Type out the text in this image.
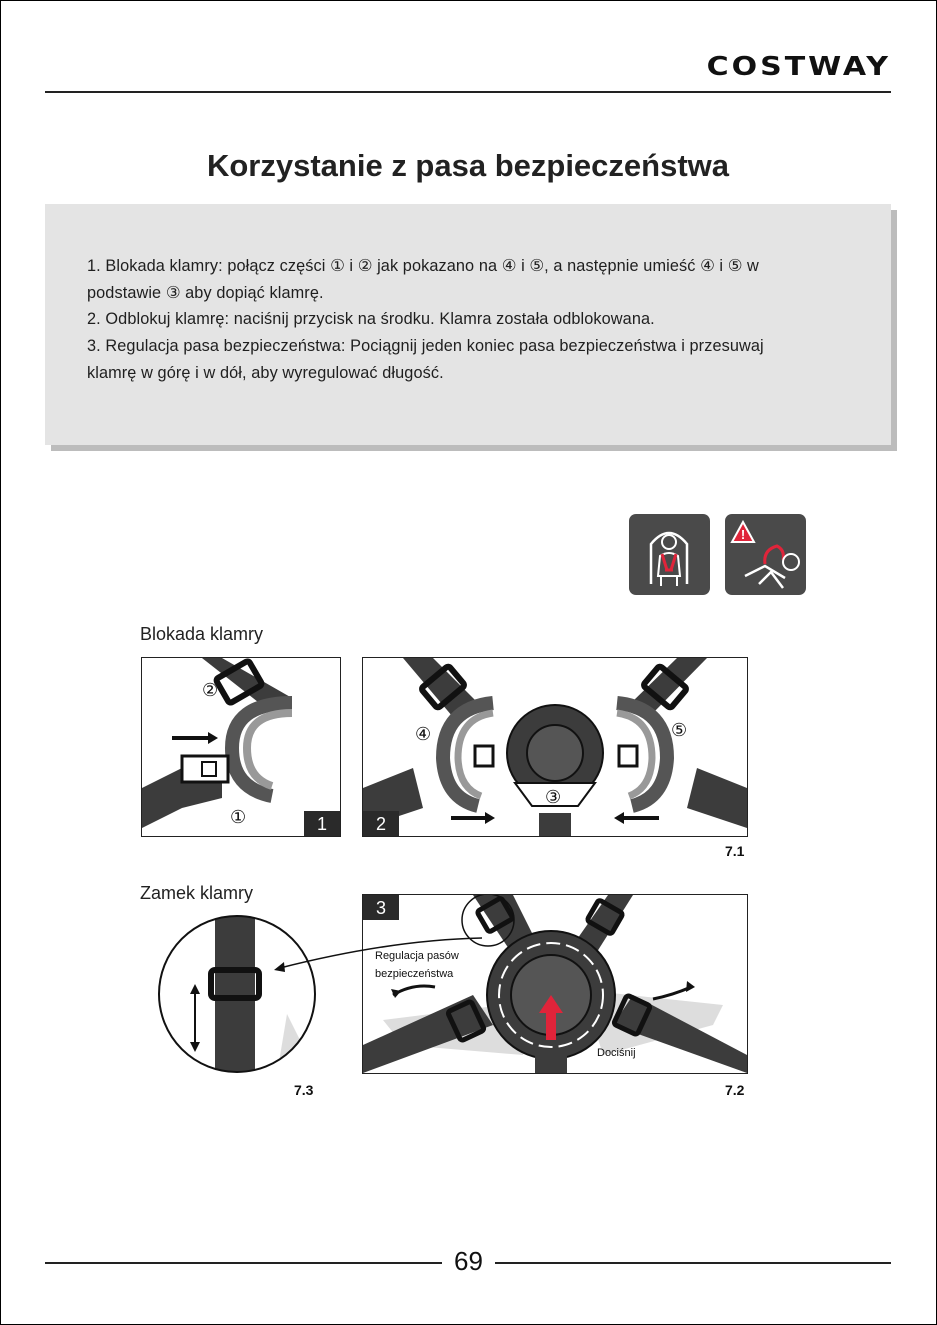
COSTWAY
Korzystanie z pasa bezpieczeństwa

1. Blokada klamry: połącz części ① i ② jak pokazano na ④ i ⑤, a następnie umieść ④ i ⑤ w

podstawie ③ aby dopiąć klamrę.

2. Odblokuj klamrę: naciśnij przycisk na środku. Klamra została odblokowana.

3. Regulacja pasa bezpieczeństwa: Pociągnij jeden koniec pasa bezpieczeństwa i przesuwaj

klamrę w górę i w dół, aby wyregulować długość.

!
Blokada klamry
②
①	1
④
③
⑤
2
7.1
Zamek klamry
7.3
Regulacja pasów
bezpieczeństwa
Dociśnij
3
7.2
69
